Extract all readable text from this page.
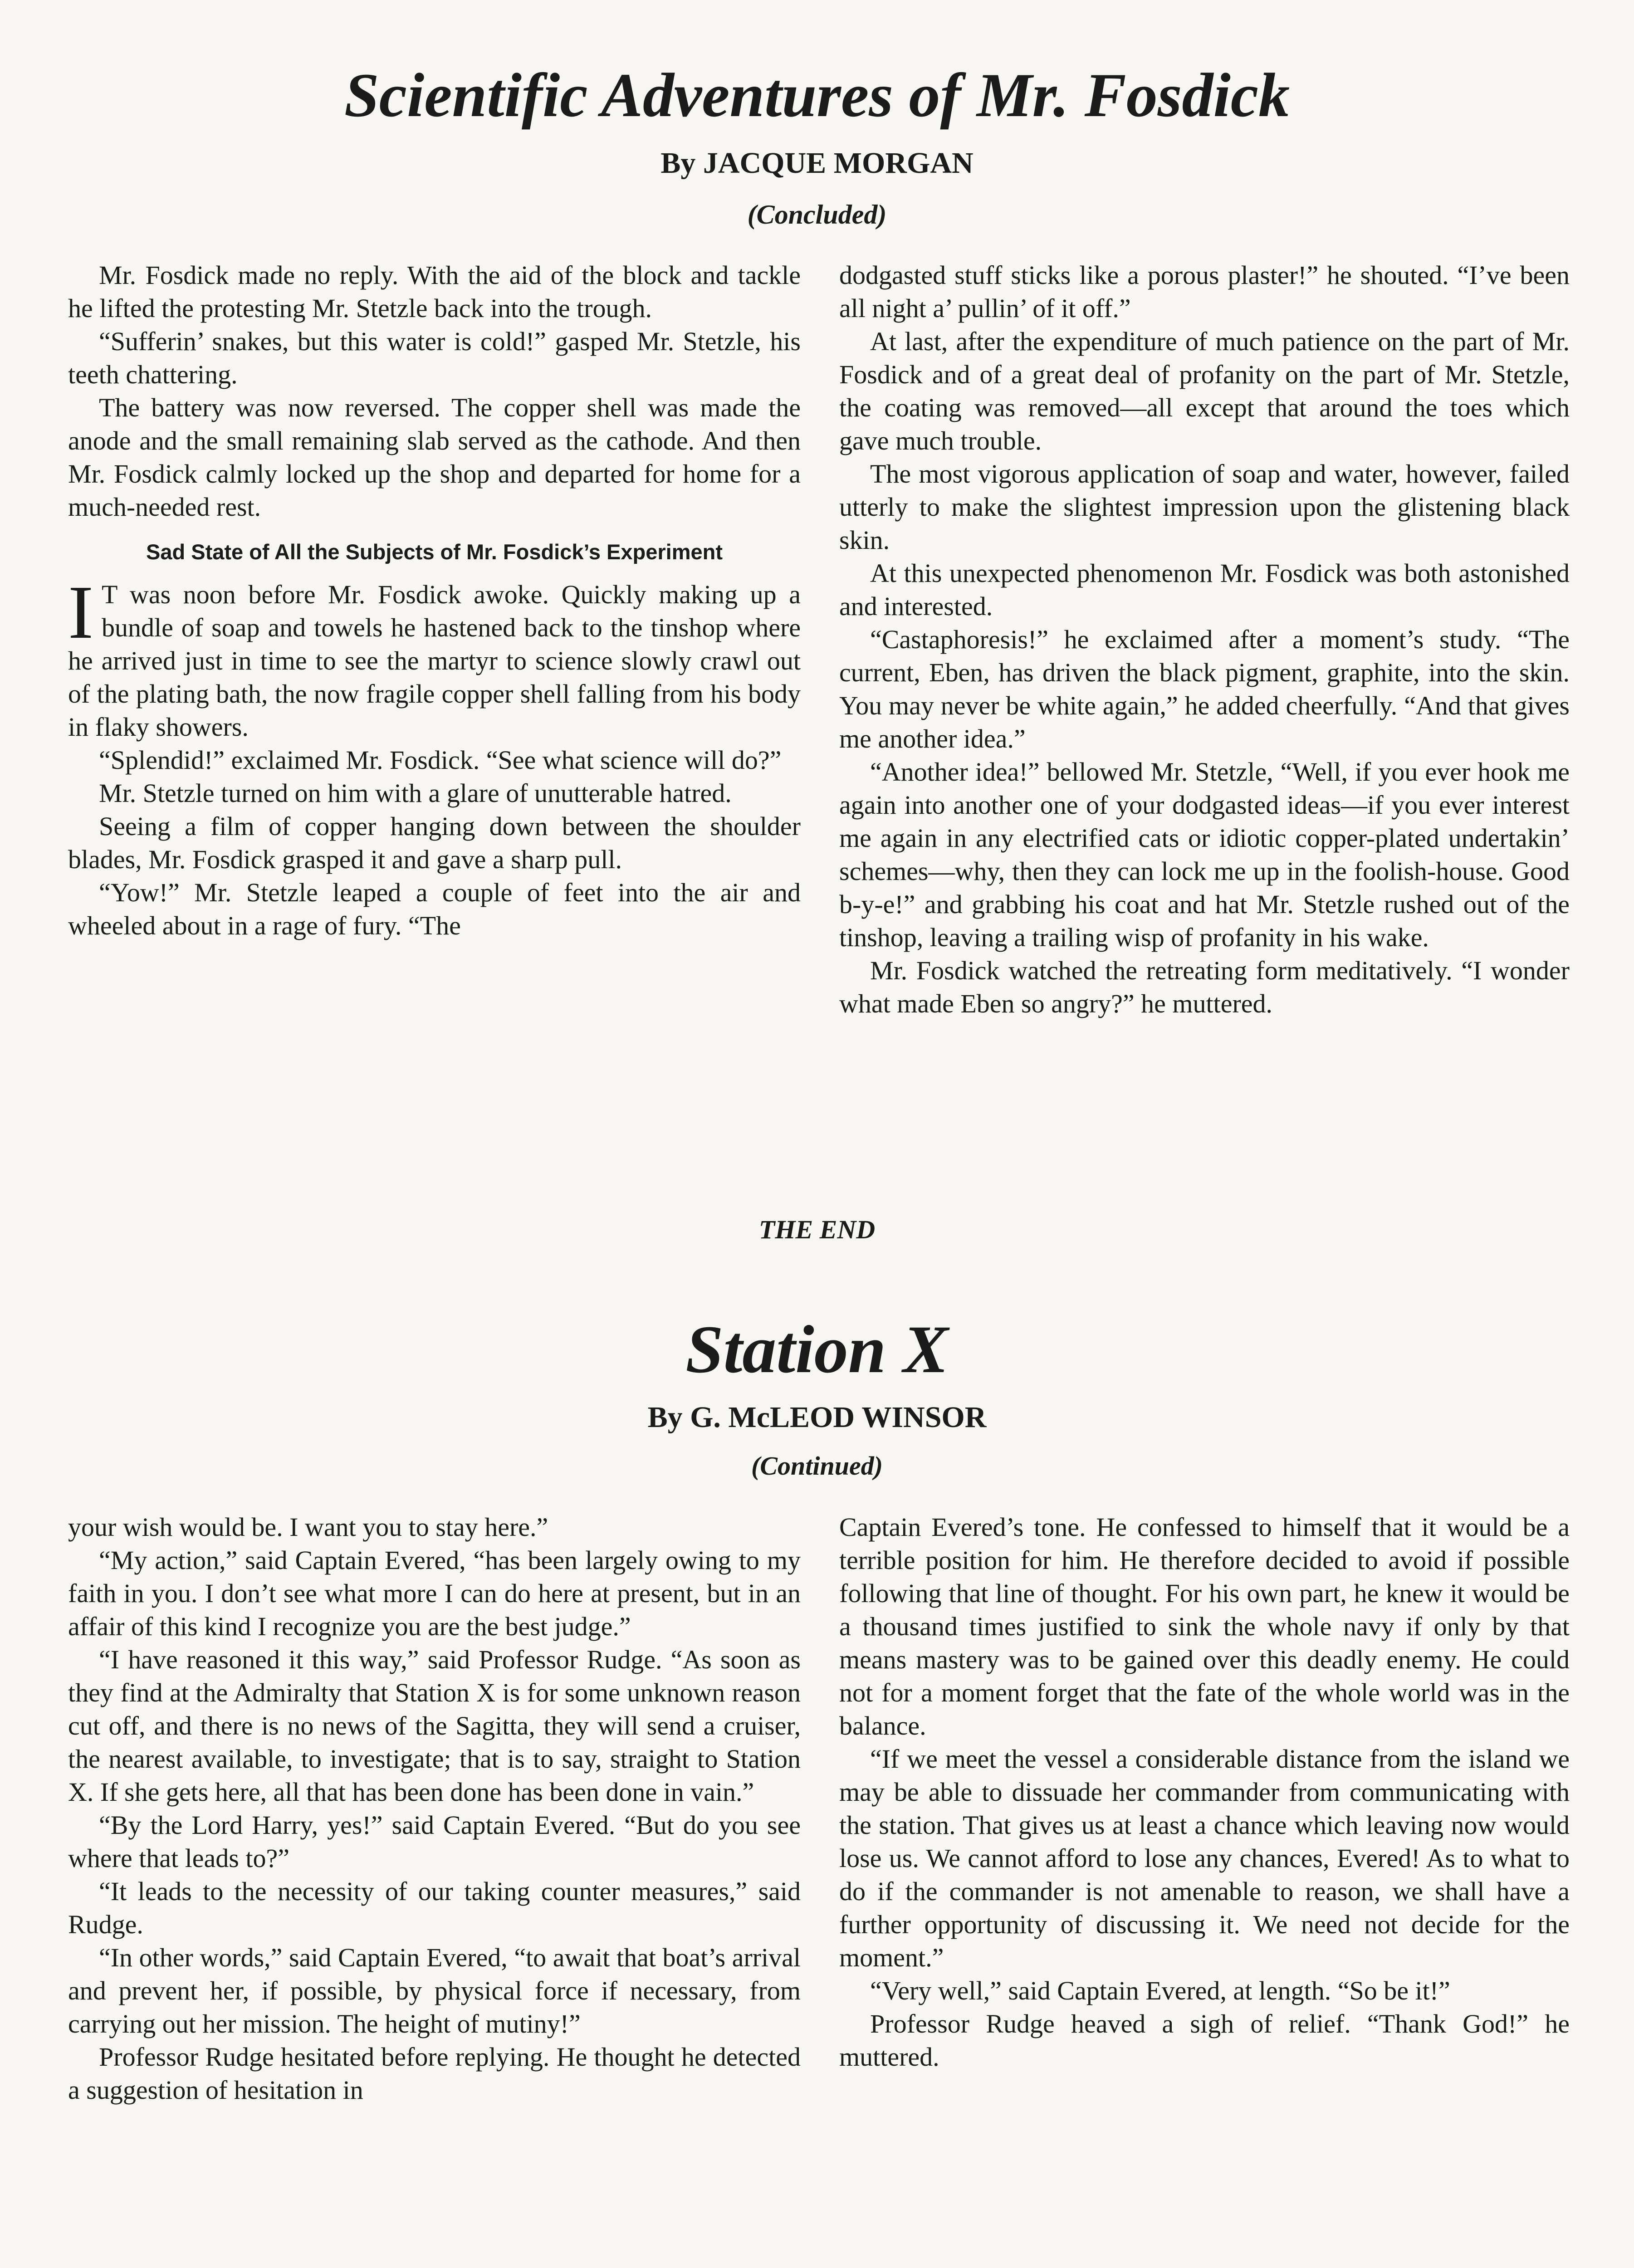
Scientific Adventures of Mr. Fosdick
By JACQUE MORGAN
(Concluded)

Mr. Fosdick made no reply. With the aid of the block and tackle he lifted the protesting Mr. Stetzle back into the trough.

“Sufferin’ snakes, but this water is cold!” gasped Mr. Stetzle, his teeth chattering.

The battery was now reversed. The copper shell was made the anode and the small remaining slab served as the cathode. And then Mr. Fosdick calmly locked up the shop and departed for home for a much-needed rest.

Sad State of All the Subjects of Mr. Fosdick’s Experiment

I T was noon before Mr. Fosdick awoke. Quickly making up a bundle of soap and towels he hastened back to the tinshop where he arrived just in time to see the martyr to science slowly crawl out of the plating bath, the now fragile copper shell falling from his body in flaky showers.

“Splendid!” exclaimed Mr. Fosdick. “See what science will do?”

Mr. Stetzle turned on him with a glare of unutterable hatred.

Seeing a film of copper hanging down between the shoulder blades, Mr. Fosdick grasped it and gave a sharp pull.

“Yow!” Mr. Stetzle leaped a couple of feet into the air and wheeled about in a rage of fury. “The

dodgasted stuff sticks like a porous plaster!” he shouted. “I’ve been all night a’ pullin’ of it off.”

At last, after the expenditure of much patience on the part of Mr. Fosdick and of a great deal of profanity on the part of Mr. Stetzle, the coating was removed—all except that around the toes which gave much trouble.

The most vigorous application of soap and water, however, failed utterly to make the slightest impression upon the glistening black skin.

At this unexpected phenomenon Mr. Fosdick was both astonished and interested.

“Castaphoresis!” he exclaimed after a moment’s study. “The current, Eben, has driven the black pigment, graphite, into the skin. You may never be white again,” he added cheerfully. “And that gives me another idea.”

“Another idea!” bellowed Mr. Stetzle, “Well, if you ever hook me again into another one of your dodgasted ideas—if you ever interest me again in any electrified cats or idiotic copper-plated undertakin’ schemes—why, then they can lock me up in the foolish-house. Good b-y-e!” and grabbing his coat and hat Mr. Stetzle rushed out of the tinshop, leaving a trailing wisp of profanity in his wake.

Mr. Fosdick watched the retreating form meditatively. “I wonder what made Eben so angry?” he muttered.

THE END
Station X
By G. McLEOD WINSOR
(Continued)

your wish would be. I want you to stay here.”

“My action,” said Captain Evered, “has been largely owing to my faith in you. I don’t see what more I can do here at present, but in an affair of this kind I recognize you are the best judge.”

“I have reasoned it this way,” said Professor Rudge. “As soon as they find at the Admiralty that Station X is for some unknown reason cut off, and there is no news of the Sagitta, they will send a cruiser, the nearest available, to investigate; that is to say, straight to Station X. If she gets here, all that has been done has been done in vain.”

“By the Lord Harry, yes!” said Captain Evered. “But do you see where that leads to?”

“It leads to the necessity of our taking counter measures,” said Rudge.

“In other words,” said Captain Evered, “to await that boat’s arrival and prevent her, if possible, by physical force if necessary, from carrying out her mission. The height of mutiny!”

Professor Rudge hesitated before replying. He thought he detected a suggestion of hesitation in

Captain Evered’s tone. He confessed to himself that it would be a terrible position for him. He therefore decided to avoid if possible following that line of thought. For his own part, he knew it would be a thousand times justified to sink the whole navy if only by that means mastery was to be gained over this deadly enemy. He could not for a moment forget that the fate of the whole world was in the balance.

“If we meet the vessel a considerable distance from the island we may be able to dissuade her commander from communicating with the station. That gives us at least a chance which leaving now would lose us. We cannot afford to lose any chances, Evered! As to what to do if the commander is not amenable to reason, we shall have a further opportunity of discussing it. We need not decide for the moment.”

“Very well,” said Captain Evered, at length. “So be it!”

Professor Rudge heaved a sigh of relief. “Thank God!” he muttered.
